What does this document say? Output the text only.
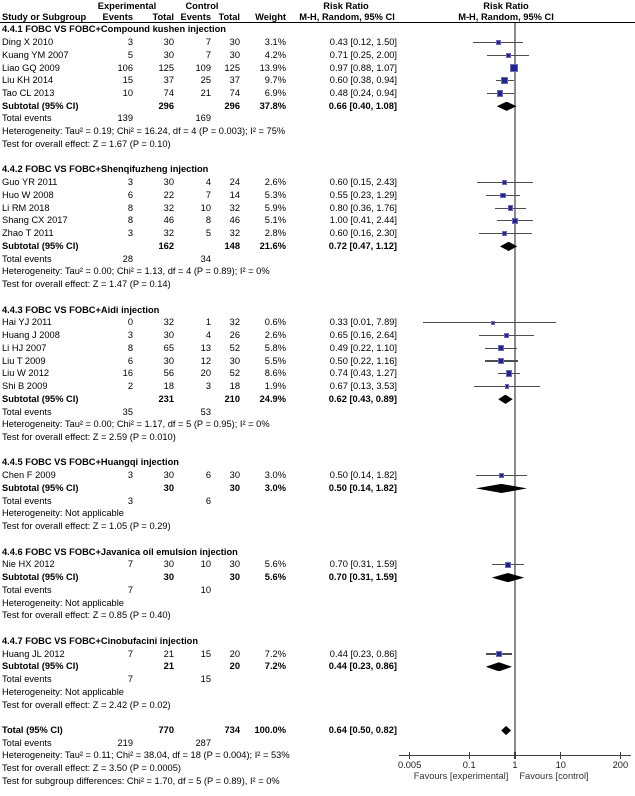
Experimental	Control	Risk Ratio	Risk Ratio
Study or Subgroup Events Total Events Total Weight M-H, Random, 95% CI	M-H, Random, 95% CI
4.4.1 FOBC VS FOBC+Compound kushen injection
Ding X 2010	3	30	7 30	3.1%	0.43 [0.12, 1.50]
Kuang YM 2007	5	30	7 30	4.2%	0.71 [0.25, 2.00]
Liao GQ 2009	106	125 109 125 13.9%	0.97 [0.88, 1.07]
Liu KH 2014	15	37	25 37	9.7%	0.60 [0.38, 0.94]
Tao CL 2013	10	74	21 74	6.9%	0.48 [0.24, 0.94]
Subtotal (95% CI)	296	296 37.8%	0.66 [0.40, 1.08]
Total events	139	169
Heterogeneity: Tau² = 0.19; Chi² = 16.24, df = 4 (P = 0.003); I² = 75%
Test for overall effect: Z = 1.67 (P = 0.10)
4.4.2 FOBC VS FOBC+Shenqifuzheng injection
Guo YR 2011	3	30	4 24	2.6%	0.60 [0.15, 2.43]
Huo W 2008	6	22	7 14	5.3%	0.55 [0.23, 1.29]
Li RM 2018	8	32	10 32	5.9%	0.80 [0.36, 1.76]
Shang CX 2017	8	46	8 46	5.1%	1.00 [0.41, 2.44]
Zhao T 2011	3	32	5 32	2.8%	0.60 [0.16, 2.30]
Subtotal (95% CI)	162	148 21.6%	0.72 [0.47, 1.12]
Total events	28	34
Heterogeneity: Tau² = 0.00; Chi² = 1.13, df = 4 (P = 0.89); I² = 0%
Test for overall effect: Z = 1.47 (P = 0.14)
4.4.3 FOBC VS FOBC+Aidi injection
Hai YJ 2011	0	32	1 32	0.6%	0.33 [0.01, 7.89]
Huang J 2008	3	30	4 26	2.6%	0.65 [0.16, 2.64]
Li HJ 2007	8	65	13 52	5.8%	0.49 [0.22, 1.10]
Liu T 2009	6	30	12 30	5.5%	0.50 [0.22, 1.16]
Liu W 2012	16	56	20 52	8.6%	0.74 [0.43, 1.27]
Shi B 2009	2	18	3 18	1.9%	0.67 [0.13, 3.53]
Subtotal (95% CI)	231	210 24.9%	0.62 [0.43, 0.89]
Total events	35	53
Heterogeneity: Tau² = 0.00; Chi² = 1.17, df = 5 (P = 0.95); I² = 0%
Test for overall effect: Z = 2.59 (P = 0.010)
4.4.5 FOBC VS FOBC+Huangqi injection
Chen F 2009	3	30	6 30	3.0%	0.50 [0.14, 1.82]
Subtotal (95% CI)	30	30	3.0%	0.50 [0.14, 1.82]
Total events	3	6
Heterogeneity: Not applicable
Test for overall effect: Z = 1.05 (P = 0.29)
4.4.6 FOBC VS FOBC+Javanica oil emulsion injection
Nie HX 2012	7	30	10 30	5.6%	0.70 [0.31, 1.59]
Subtotal (95% CI)	30	30	5.6%	0.70 [0.31, 1.59]
Total events	7	10
Heterogeneity: Not applicable
Test for overall effect: Z = 0.85 (P = 0.40)
4.4.7 FOBC VS FOBC+Cinobufacini injection
Huang JL 2012	7	21	15 20	7.2%	0.44 [0.23, 0.86]
Subtotal (95% CI)	21	20	7.2%	0.44 [0.23, 0.86]
Total events	7	15
Heterogeneity: Not applicable
Test for overall effect: Z = 2.42 (P = 0.02)
Total (95% CI)	770	734 100.0%	0.64 [0.50, 0.82]
Total events	219	287
Heterogeneity: Tau² = 0.11; Chi² = 38.04, df = 18 (P = 0.004); I² = 53%
Test for overall effect: Z = 3.50 (P = 0.0005)
Test for subgroup differences: Chi² = 1.70, df = 5 (P = 0.89), I² = 0%
0.005	0.1	1	10	200
Favours [experimental] Favours [control]
